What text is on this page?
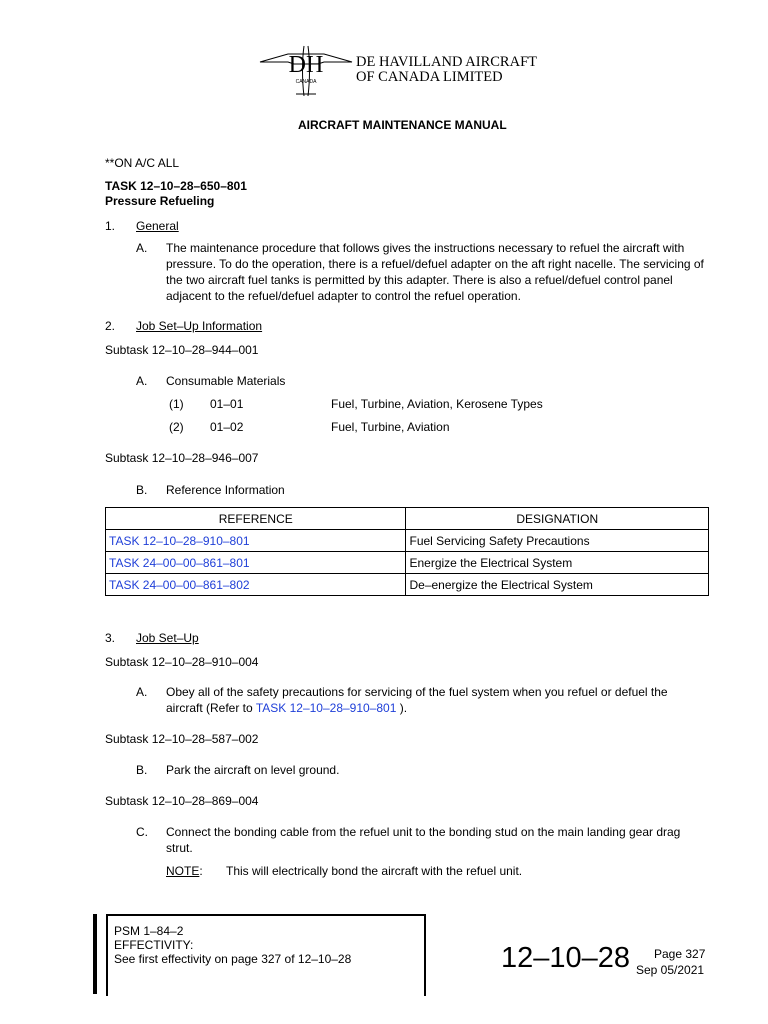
DH
CANADA
DE HAVILLAND AIRCRAFT
OF CANADA LIMITED
AIRCRAFT MAINTENANCE MANUAL
**ON A/C ALL
TASK 12–10–28–650–801
Pressure Refueling
1. General
A. The maintenance procedure that follows gives the instructions necessary to refuel the aircraft with pressure. To do the operation, there is a refuel/defuel adapter on the aft right nacelle. The servicing of the two aircraft fuel tanks is permitted by this adapter. There is also a refuel/defuel control panel adjacent to the refuel/defuel adapter to control the refuel operation.
2. Job Set–Up Information
Subtask 12–10–28–944–001
A. Consumable Materials
(1) 01–01	Fuel, Turbine, Aviation, Kerosene Types
(2) 01–02	Fuel, Turbine, Aviation
Subtask 12–10–28–946–007
B. Reference Information
REFERENCE	DESIGNATION
TASK 12–10–28–910–801	Fuel Servicing Safety Precautions
TASK 24–00–00–861–801	Energize the Electrical System
TASK 24–00–00–861–802	De–energize the Electrical System
3. Job Set–Up
Subtask 12–10–28–910–004
A. Obey all of the safety precautions for servicing of the fuel system when you refuel or defuel the
aircraft (Refer to TASK 12–10–28–910–801 ).
Subtask 12–10–28–587–002
B. Park the aircraft on level ground.
Subtask 12–10–28–869–004
C. Connect the bonding cable from the refuel unit to the bonding stud on the main landing gear drag
strut.
NOTE: This will electrically bond the aircraft with the refuel unit.
PSM 1–84–2
EFFECTIVITY:
See first effectivity on page 327 of 12–10–28	12–10–28 Page 327
Sep 05/2021
